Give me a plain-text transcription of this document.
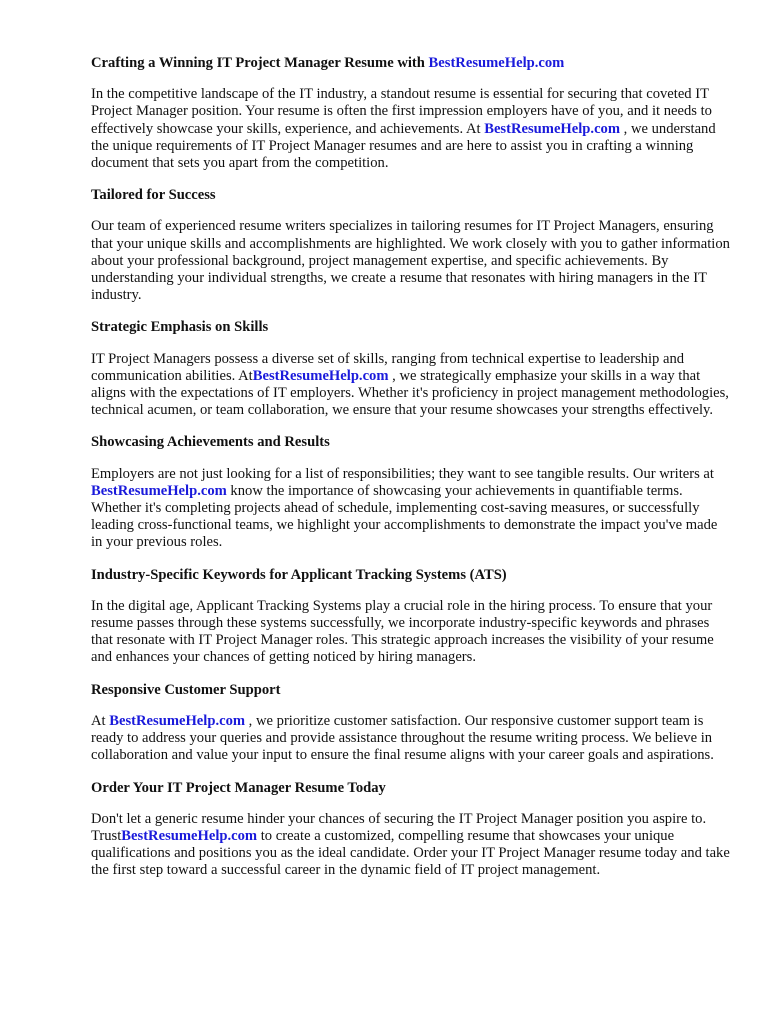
Crafting a Winning IT Project Manager Resume with BestResumeHelp.com

In the competitive landscape of the IT industry, a standout resume is essential for securing that coveted IT Project Manager position. Your resume is often the first impression employers have of you, and it needs to effectively showcase your skills, experience, and achievements. At BestResumeHelp.com , we understand the unique requirements of IT Project Manager resumes and are here to assist you in crafting a winning document that sets you apart from the competition.

Tailored for Success

Our team of experienced resume writers specializes in tailoring resumes for IT Project Managers, ensuring that your unique skills and accomplishments are highlighted. We work closely with you to gather information about your professional background, project management expertise, and specific achievements. By understanding your individual strengths, we create a resume that resonates with hiring managers in the IT industry.

Strategic Emphasis on Skills

IT Project Managers possess a diverse set of skills, ranging from technical expertise to leadership and communication abilities. AtBestResumeHelp.com , we strategically emphasize your skills in a way that aligns with the expectations of IT employers. Whether it's proficiency in project management methodologies, technical acumen, or team collaboration, we ensure that your resume showcases your strengths effectively.

Showcasing Achievements and Results

Employers are not just looking for a list of responsibilities; they want to see tangible results. Our writers at BestResumeHelp.com know the importance of showcasing your achievements in quantifiable terms. Whether it's completing projects ahead of schedule, implementing cost-saving measures, or successfully leading cross-functional teams, we highlight your accomplishments to demonstrate the impact you've made in your previous roles.

Industry-Specific Keywords for Applicant Tracking Systems (ATS)

In the digital age, Applicant Tracking Systems play a crucial role in the hiring process. To ensure that your resume passes through these systems successfully, we incorporate industry-specific keywords and phrases that resonate with IT Project Manager roles. This strategic approach increases the visibility of your resume and enhances your chances of getting noticed by hiring managers.

Responsive Customer Support

At BestResumeHelp.com , we prioritize customer satisfaction. Our responsive customer support team is ready to address your queries and provide assistance throughout the resume writing process. We believe in collaboration and value your input to ensure the final resume aligns with your career goals and aspirations.

Order Your IT Project Manager Resume Today

Don't let a generic resume hinder your chances of securing the IT Project Manager position you aspire to. TrustBestResumeHelp.com to create a customized, compelling resume that showcases your unique qualifications and positions you as the ideal candidate. Order your IT Project Manager resume today and take the first step toward a successful career in the dynamic field of IT project management.
